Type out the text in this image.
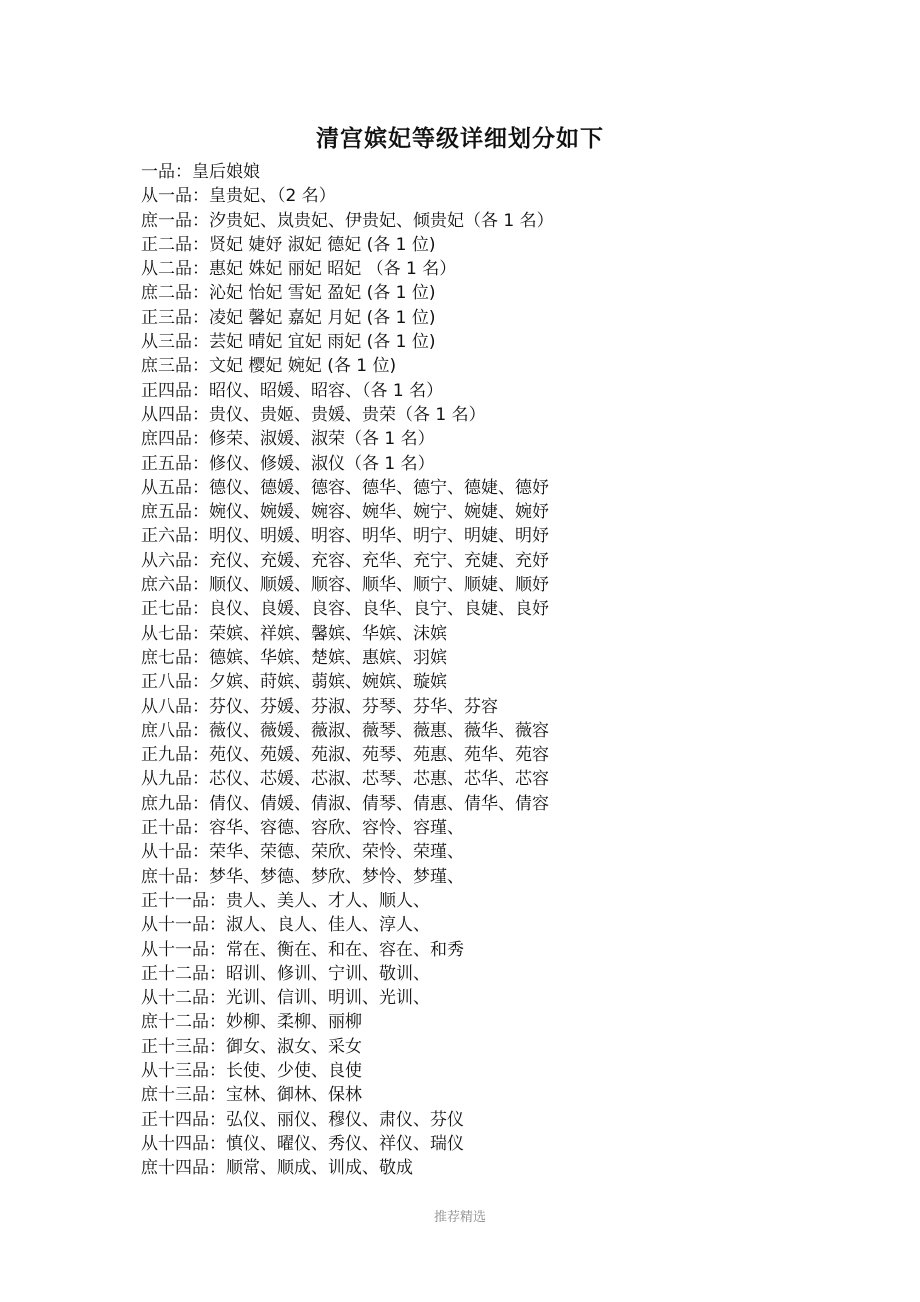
清宫嫔妃等级详细划分如下
一品：皇后娘娘
从一品：皇贵妃、（2 名）
庶一品：汐贵妃、岚贵妃、伊贵妃、倾贵妃（各 1 名）
正二品：贤妃 婕妤 淑妃 德妃 (各 1 位)
从二品：惠妃 姝妃 丽妃 昭妃 （各 1 名）
庶二品：沁妃 怡妃 雪妃 盈妃 (各 1 位)
正三品：凌妃 馨妃 嘉妃 月妃 (各 1 位)
从三品：芸妃 晴妃 宜妃 雨妃 (各 1 位)
庶三品：文妃 樱妃 婉妃 (各 1 位)
正四品：昭仪、昭媛、昭容、（各 1 名）
从四品：贵仪、贵姬、贵媛、贵荣（各 1 名）
庶四品：修荣、淑媛、淑荣（各 1 名）
正五品：修仪、修媛、淑仪（各 1 名）
从五品：德仪、德媛、德容、德华、德宁、德婕、德妤
庶五品：婉仪、婉媛、婉容、婉华、婉宁、婉婕、婉妤
正六品：明仪、明媛、明容、明华、明宁、明婕、明妤
从六品：充仪、充媛、充容、充华、充宁、充婕、充妤
庶六品：顺仪、顺媛、顺容、顺华、顺宁、顺婕、顺妤
正七品：良仪、良媛、良容、良华、良宁、良婕、良妤
从七品：荣嫔、祥嫔、馨嫔、华嫔、沫嫔
庶七品：德嫔、华嫔、楚嫔、惠嫔、羽嫔
正八品：夕嫔、莳嫔、蒻嫔、婉嫔、璇嫔
从八品：芬仪、芬媛、芬淑、芬琴、芬华、芬容
庶八品：薇仪、薇媛、薇淑、薇琴、薇惠、薇华、薇容
正九品：苑仪、苑媛、苑淑、苑琴、苑惠、苑华、苑容
从九品：芯仪、芯媛、芯淑、芯琴、芯惠、芯华、芯容
庶九品：倩仪、倩媛、倩淑、倩琴、倩惠、倩华、倩容
正十品：容华、容德、容欣、容怜、容瑾、
从十品：荣华、荣德、荣欣、荣怜、荣瑾、
庶十品：梦华、梦德、梦欣、梦怜、梦瑾、
正十一品：贵人、美人、才人、顺人、
从十一品：淑人、良人、佳人、淳人、
从十一品：常在、衡在、和在、容在、和秀
正十二品：昭训、修训、宁训、敬训、
从十二品：光训、信训、明训、光训、
庶十二品：妙柳、柔柳、丽柳
正十三品：御女、淑女、采女
从十三品：长使、少使、良使
庶十三品：宝林、御林、保林
正十四品：弘仪、丽仪、穆仪、肃仪、芬仪
从十四品：慎仪、曜仪、秀仪、祥仪、瑞仪
庶十四品：顺常、顺成、训成、敬成
推荐精选
